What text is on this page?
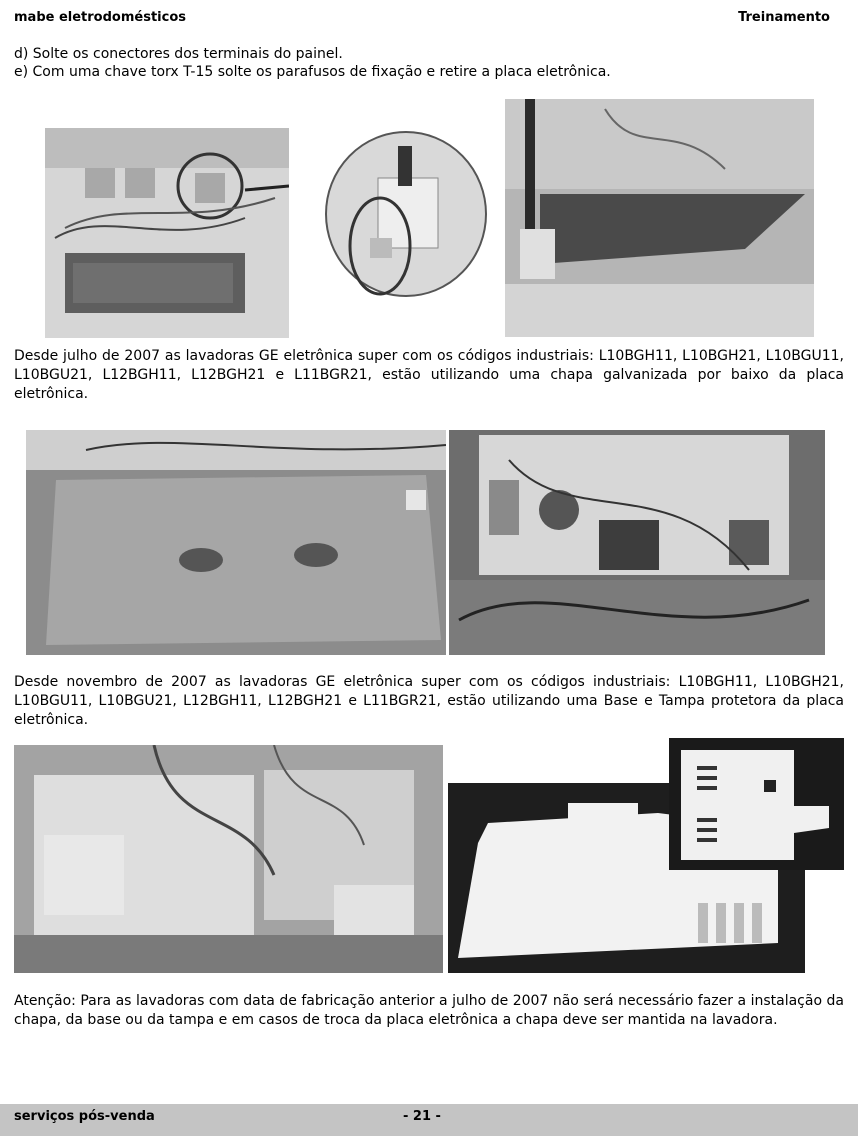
mabe eletrodomésticos	Treinamento
d) Solte os conectores dos terminais do painel.
e) Com uma chave torx T-15 solte os parafusos de fixação e retire a placa eletrônica.

Desde julho de 2007 as lavadoras GE eletrônica super com os códigos industriais: L10BGH11, L10BGH21, L10BGU11, L10BGU21, L12BGH11, L12BGH21 e L11BGR21, estão utilizando uma chapa galvanizada por baixo da placa eletrônica.

Desde novembro de 2007 as lavadoras GE eletrônica super com os códigos industriais: L10BGH11, L10BGH21, L10BGU11, L10BGU21, L12BGH11, L12BGH21 e L11BGR21, estão utilizando uma Base e Tampa protetora da placa eletrônica.

Atenção: Para as lavadoras com data de fabricação anterior a julho de 2007 não será necessário fazer a instalação da chapa, da base ou da tampa e em casos de troca da placa eletrônica a chapa deve ser mantida na lavadora.

serviços pós-venda	- 21 -
